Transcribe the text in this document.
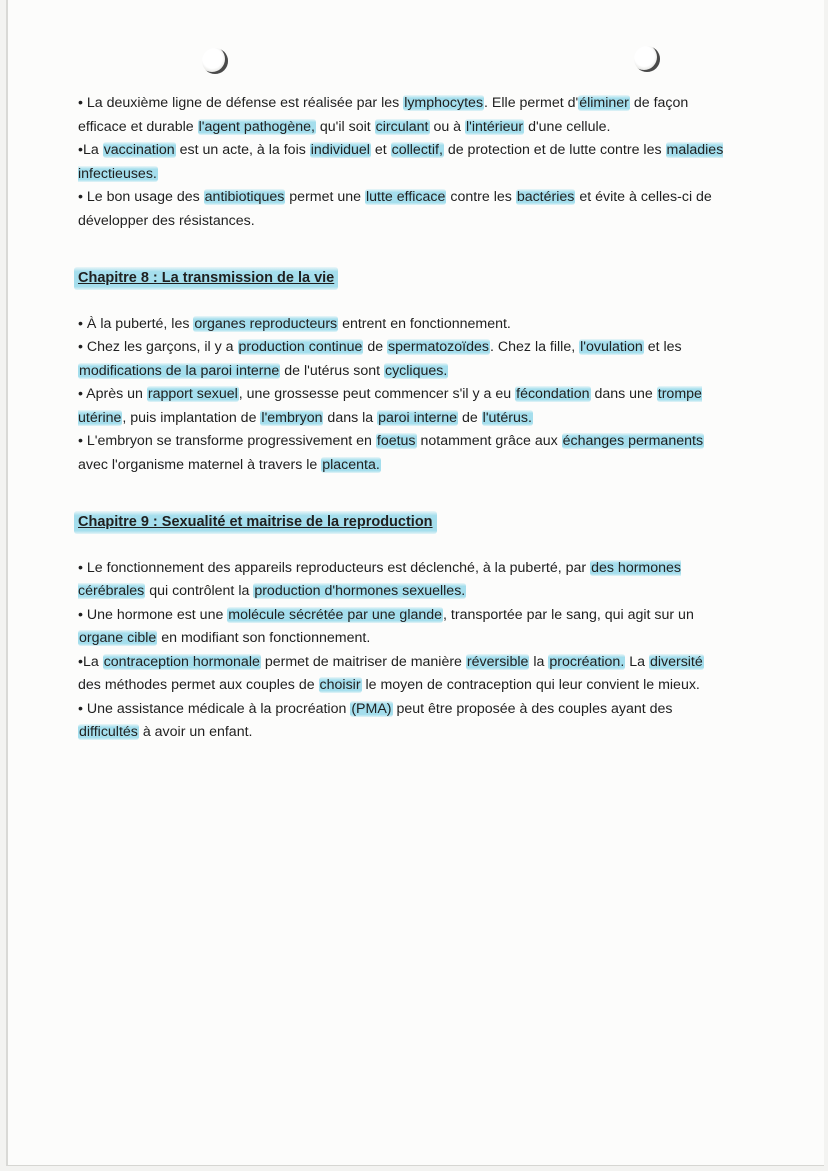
• La deuxième ligne de défense est réalisée par les lymphocytes. Elle permet d'éliminer de façon efficace et durable l'agent pathogène, qu'il soit circulant ou à l'intérieur d'une cellule.

•La vaccination est un acte, à la fois individuel et collectif, de protection et de lutte contre les maladies infectieuses.

• Le bon usage des antibiotiques permet une lutte efficace contre les bactéries et évite à celles-ci de développer des résistances.

Chapitre 8 : La transmission de la vie

• À la puberté, les organes reproducteurs entrent en fonctionnement.

• Chez les garçons, il y a production continue de spermatozoïdes. Chez la fille, l'ovulation et les modifications de la paroi interne de l'utérus sont cycliques.

• Après un rapport sexuel, une grossesse peut commencer s'il y a eu fécondation dans une trompe utérine, puis implantation de l'embryon dans la paroi interne de l'utérus.

• L'embryon se transforme progressivement en foetus notamment grâce aux échanges permanents avec l'organisme maternel à travers le placenta.

Chapitre 9 : Sexualité et maitrise de la reproduction

• Le fonctionnement des appareils reproducteurs est déclenché, à la puberté, par des hormones cérébrales qui contrôlent la production d'hormones sexuelles.

• Une hormone est une molécule sécrétée par une glande, transportée par le sang, qui agit sur un organe cible en modifiant son fonctionnement.

•La contraception hormonale permet de maitriser de manière réversible la procréation. La diversité des méthodes permet aux couples de choisir le moyen de contraception qui leur convient le mieux.

• Une assistance médicale à la procréation (PMA) peut être proposée à des couples ayant des difficultés à avoir un enfant.
